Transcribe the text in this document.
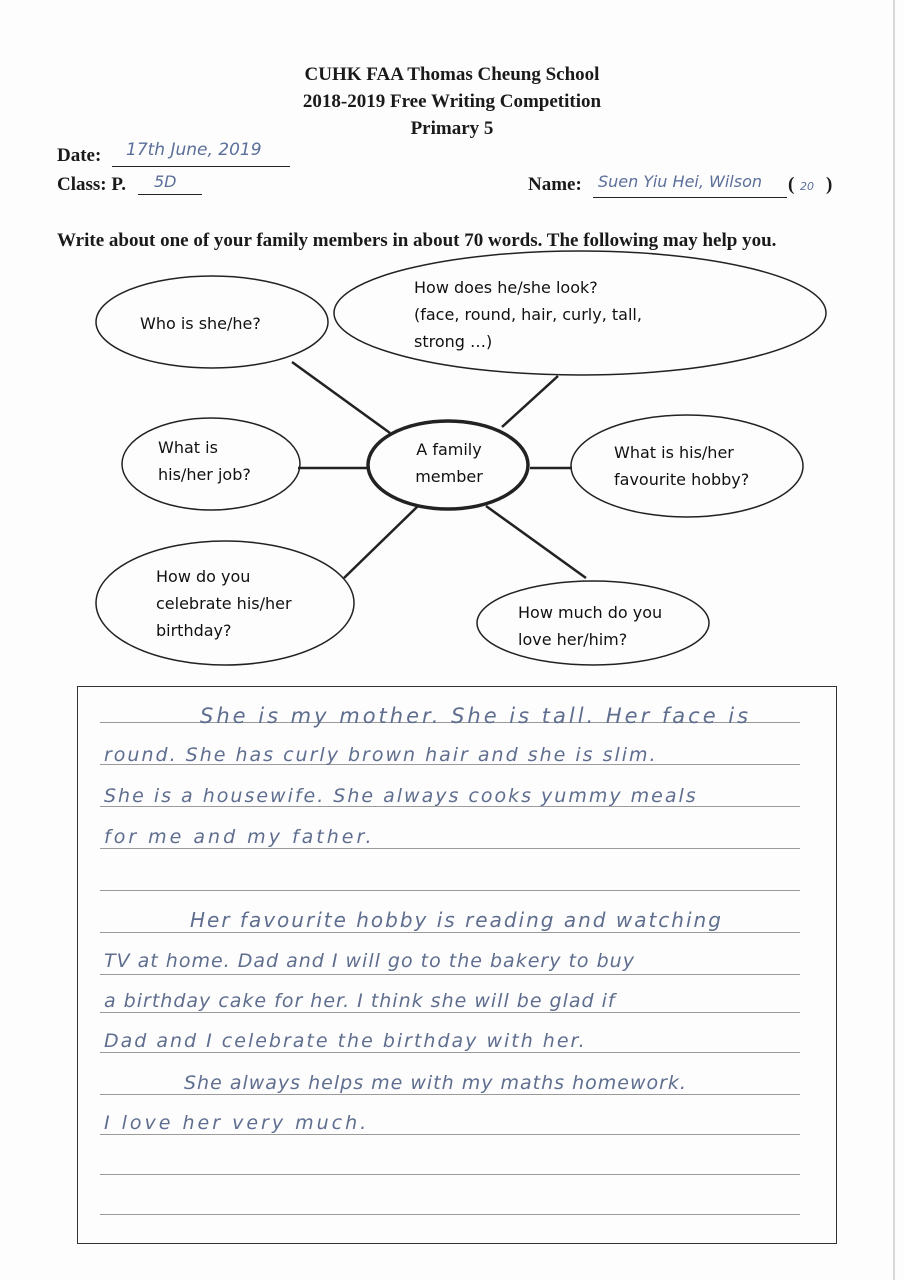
CUHK FAA Thomas Cheung School
2018-2019 Free Writing Competition
Primary 5
Date: 17th June, 2019
Class: P. 5D	Name: Suen Yiu Hei, Wilson ( 20 )
Write about one of your family members in about 70 words. The following may help you.
Who is she/he?
How does he/she look?
(face, round, hair, curly, tall,
strong …)
What is
his/her job?
A family
member
What is his/her
favourite hobby?
How do you
celebrate his/her
birthday?
How much do you
love her/him?
She is my mother. She is tall. Her face is
round. She has curly brown hair and she is slim.
She is a housewife. She always cooks yummy meals
for me and my father.
Her favourite hobby is reading and watching
TV at home. Dad and I will go to the bakery to buy
a birthday cake for her. I think she will be glad if
Dad and I celebrate the birthday with her.
She always helps me with my maths homework.
I love her very much.
